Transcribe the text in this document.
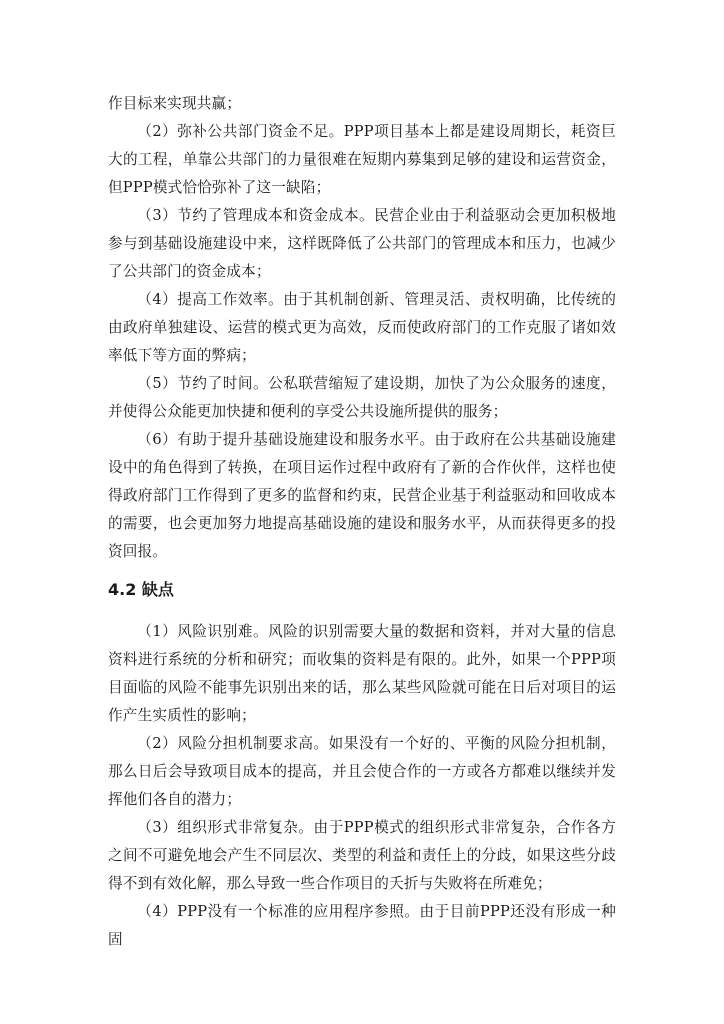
作目标来实现共赢；

（2）弥补公共部门资金不足。PPP项目基本上都是建设周期长，耗资巨大的工程，单靠公共部门的力量很难在短期内募集到足够的建设和运营资金，但PPP模式恰恰弥补了这一缺陷；

（3）节约了管理成本和资金成本。民营企业由于利益驱动会更加积极地参与到基础设施建设中来，这样既降低了公共部门的管理成本和压力，也减少了公共部门的资金成本；

（4）提高工作效率。由于其机制创新、管理灵活、责权明确，比传统的由政府单独建设、运营的模式更为高效，反而使政府部门的工作克服了诸如效率低下等方面的弊病；

（5）节约了时间。公私联营缩短了建设期，加快了为公众服务的速度，并使得公众能更加快捷和便利的享受公共设施所提供的服务；

（6）有助于提升基础设施建设和服务水平。由于政府在公共基础设施建设中的角色得到了转换，在项目运作过程中政府有了新的合作伙伴，这样也使得政府部门工作得到了更多的监督和约束，民营企业基于利益驱动和回收成本的需要，也会更加努力地提高基础设施的建设和服务水平，从而获得更多的投资回报。

4.2 缺点

（1）风险识别难。风险的识别需要大量的数据和资料，并对大量的信息资料进行系统的分析和研究；而收集的资料是有限的。此外，如果一个PPP项目面临的风险不能事先识别出来的话，那么某些风险就可能在日后对项目的运作产生实质性的影响；

（2）风险分担机制要求高。如果没有一个好的、平衡的风险分担机制，那么日后会导致项目成本的提高，并且会使合作的一方或各方都难以继续并发挥他们各自的潜力；

（3）组织形式非常复杂。由于PPP模式的组织形式非常复杂，合作各方之间不可避免地会产生不同层次、类型的利益和责任上的分歧，如果这些分歧得不到有效化解，那么导致一些合作项目的夭折与失败将在所难免；

（4）PPP没有一个标准的应用程序参照。由于目前PPP还没有形成一种固
